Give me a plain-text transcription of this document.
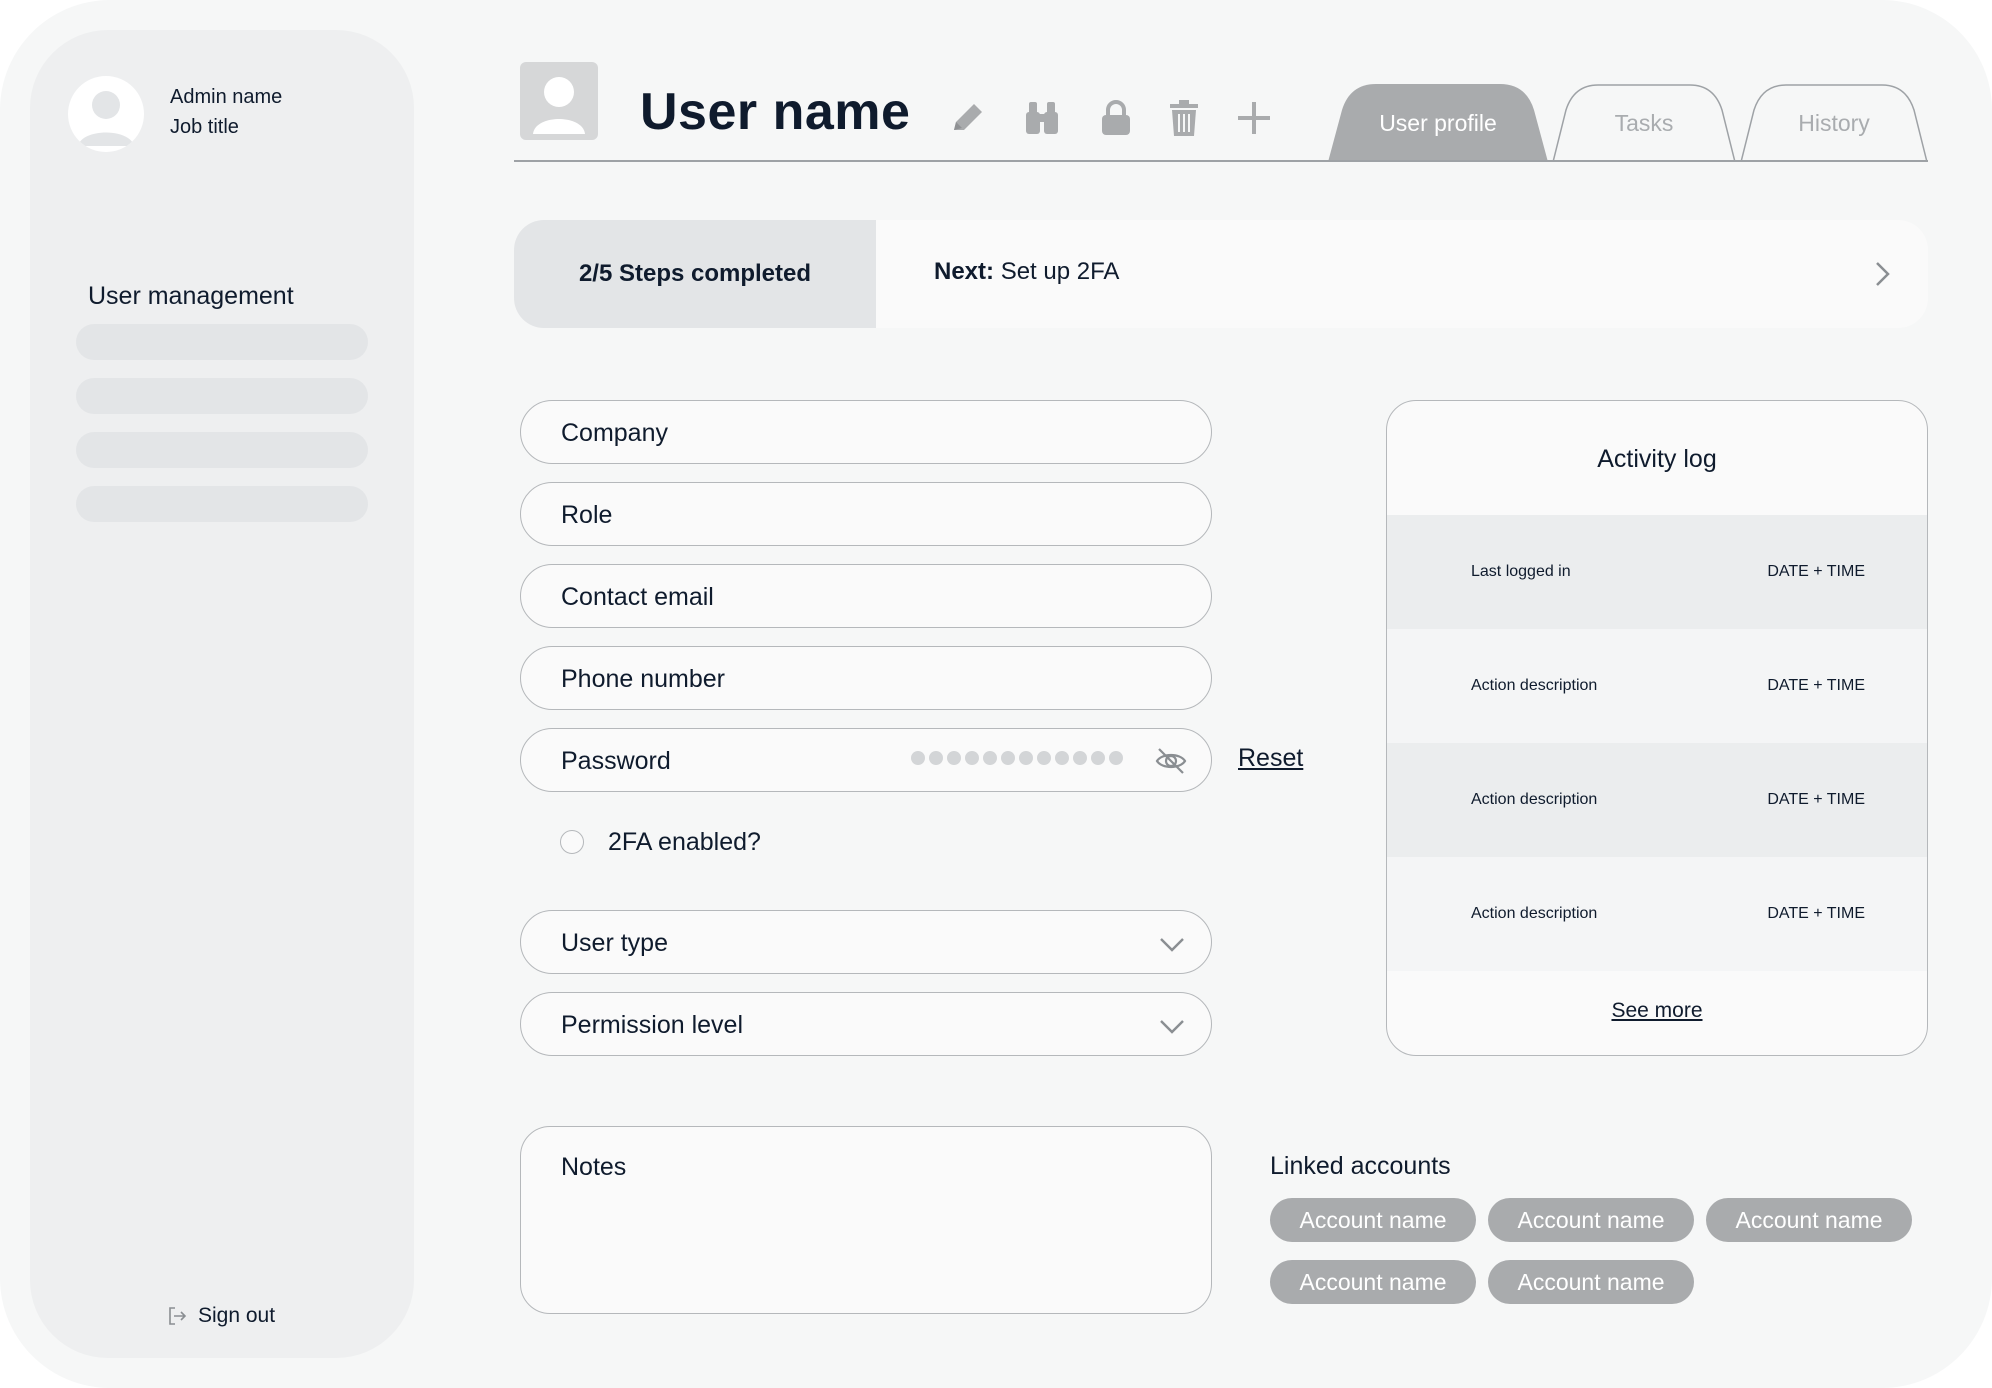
Admin name
Job title
User management
Sign out
User name	User profile	Tasks	History
2/5 Steps completed	Next: Set up 2FA
Company
Role
Contact email
Phone number
Password	Reset
2FA enabled?
User type
Permission level
Notes
Activity log
Last logged in	DATE + TIME
Action description	DATE + TIME
Action description	DATE + TIME
Action description	DATE + TIME
See more
Linked accounts
Account name	Account name	Account name
Account name	Account name
